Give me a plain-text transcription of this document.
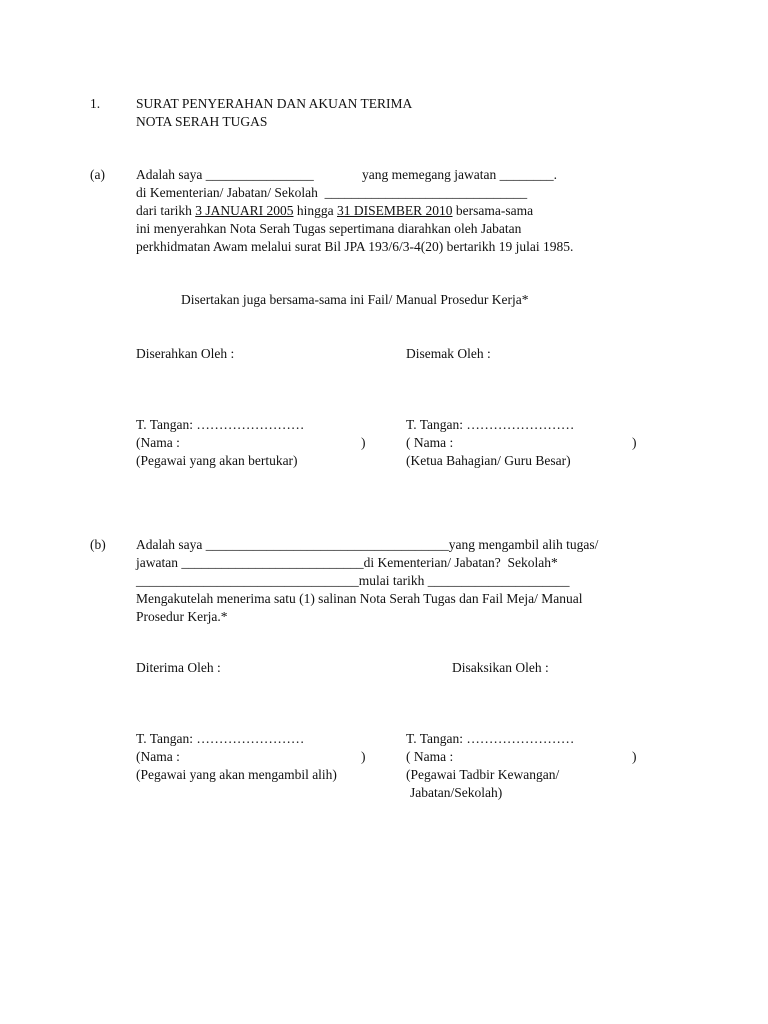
1.	SURAT PENYERAHAN DAN AKUAN TERIMA
NOTA SERAH TUGAS
(a) Adalah saya ________________	yang memegang jawatan ________.
di Kementerian/ Jabatan/ Sekolah ______________________________
dari tarikh 3 JANUARI 2005 hingga 31 DISEMBER 2010 bersama-sama
ini menyerahkan Nota Serah Tugas sepertimana diarahkan oleh Jabatan
perkhidmatan Awam melalui surat Bil JPA 193/6/3-4(20) bertarikh 19 julai 1985.
Disertakan juga bersama-sama ini Fail/ Manual Prosedur Kerja*
Diserahkan Oleh :	Disemak Oleh :
T. Tangan: ……………………	T. Tangan: ……………………
(Nama :	)	( Nama :	)
(Pegawai yang akan bertukar)	(Ketua Bahagian/ Guru Besar)
(b) Adalah saya ____________________________________yang mengambil alih tugas/
jawatan ___________________________di Kementerian/ Jabatan?  Sekolah*
_________________________________mulai tarikh _____________________
Mengakutelah menerima satu (1) salinan Nota Serah Tugas dan Fail Meja/ Manual
Prosedur Kerja.*
Diterima Oleh :	Disaksikan Oleh :
T. Tangan: ……………………	T. Tangan: ……………………
(Nama :	)	( Nama :	)
(Pegawai yang akan mengambil alih)	(Pegawai Tadbir Kewangan/
Jabatan/Sekolah)
